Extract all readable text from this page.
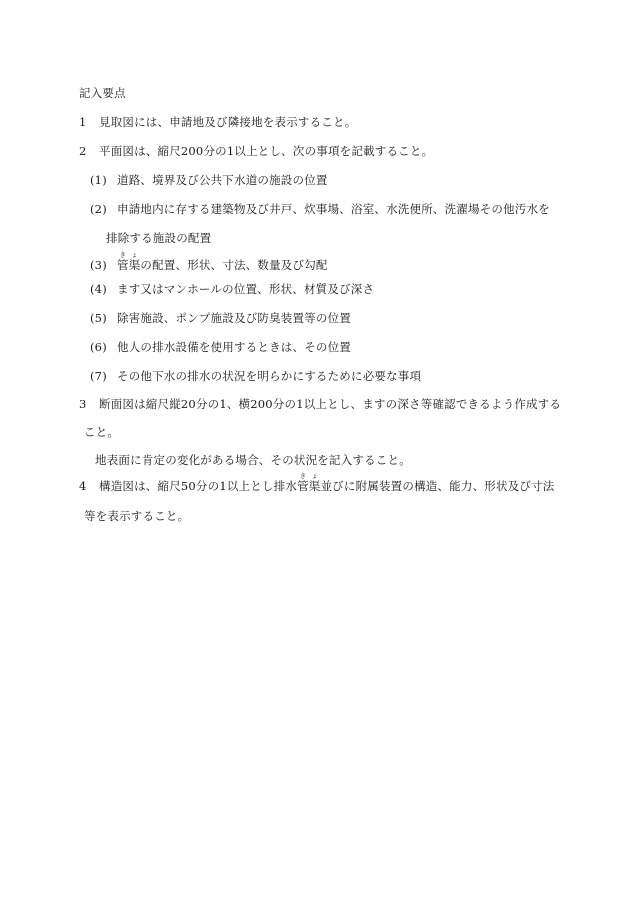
記入要点
1 見取図には、申請地及び隣接地を表示すること。
2 平面図は、縮尺200分の1以上とし、次の事項を記載すること。
(1) 道路、境界及び公共下水道の施設の位置
(2) 申請地内に存する建築物及び井戸、炊事場、浴室、水洗便所、洗濯場その他汚水を
排除する施設の配置
(3) 管渠きょの配置、形状、寸法、数量及び勾配
(4) ます又はマンホールの位置、形状、材質及び深さ
(5) 除害施設、ポンプ施設及び防臭装置等の位置
(6) 他人の排水設備を使用するときは、その位置
(7) その他下水の排水の状況を明らかにするために必要な事項
3 断面図は縮尺縦20分の1、横200分の1以上とし、ますの深さ等確認できるよう作成する
こと。
地表面に肯定の変化がある場合、その状況を記入すること。
4 構造図は、縮尺50分の1以上とし排水管渠きょ並びに附属装置の構造、能力、形状及び寸法
等を表示すること。
